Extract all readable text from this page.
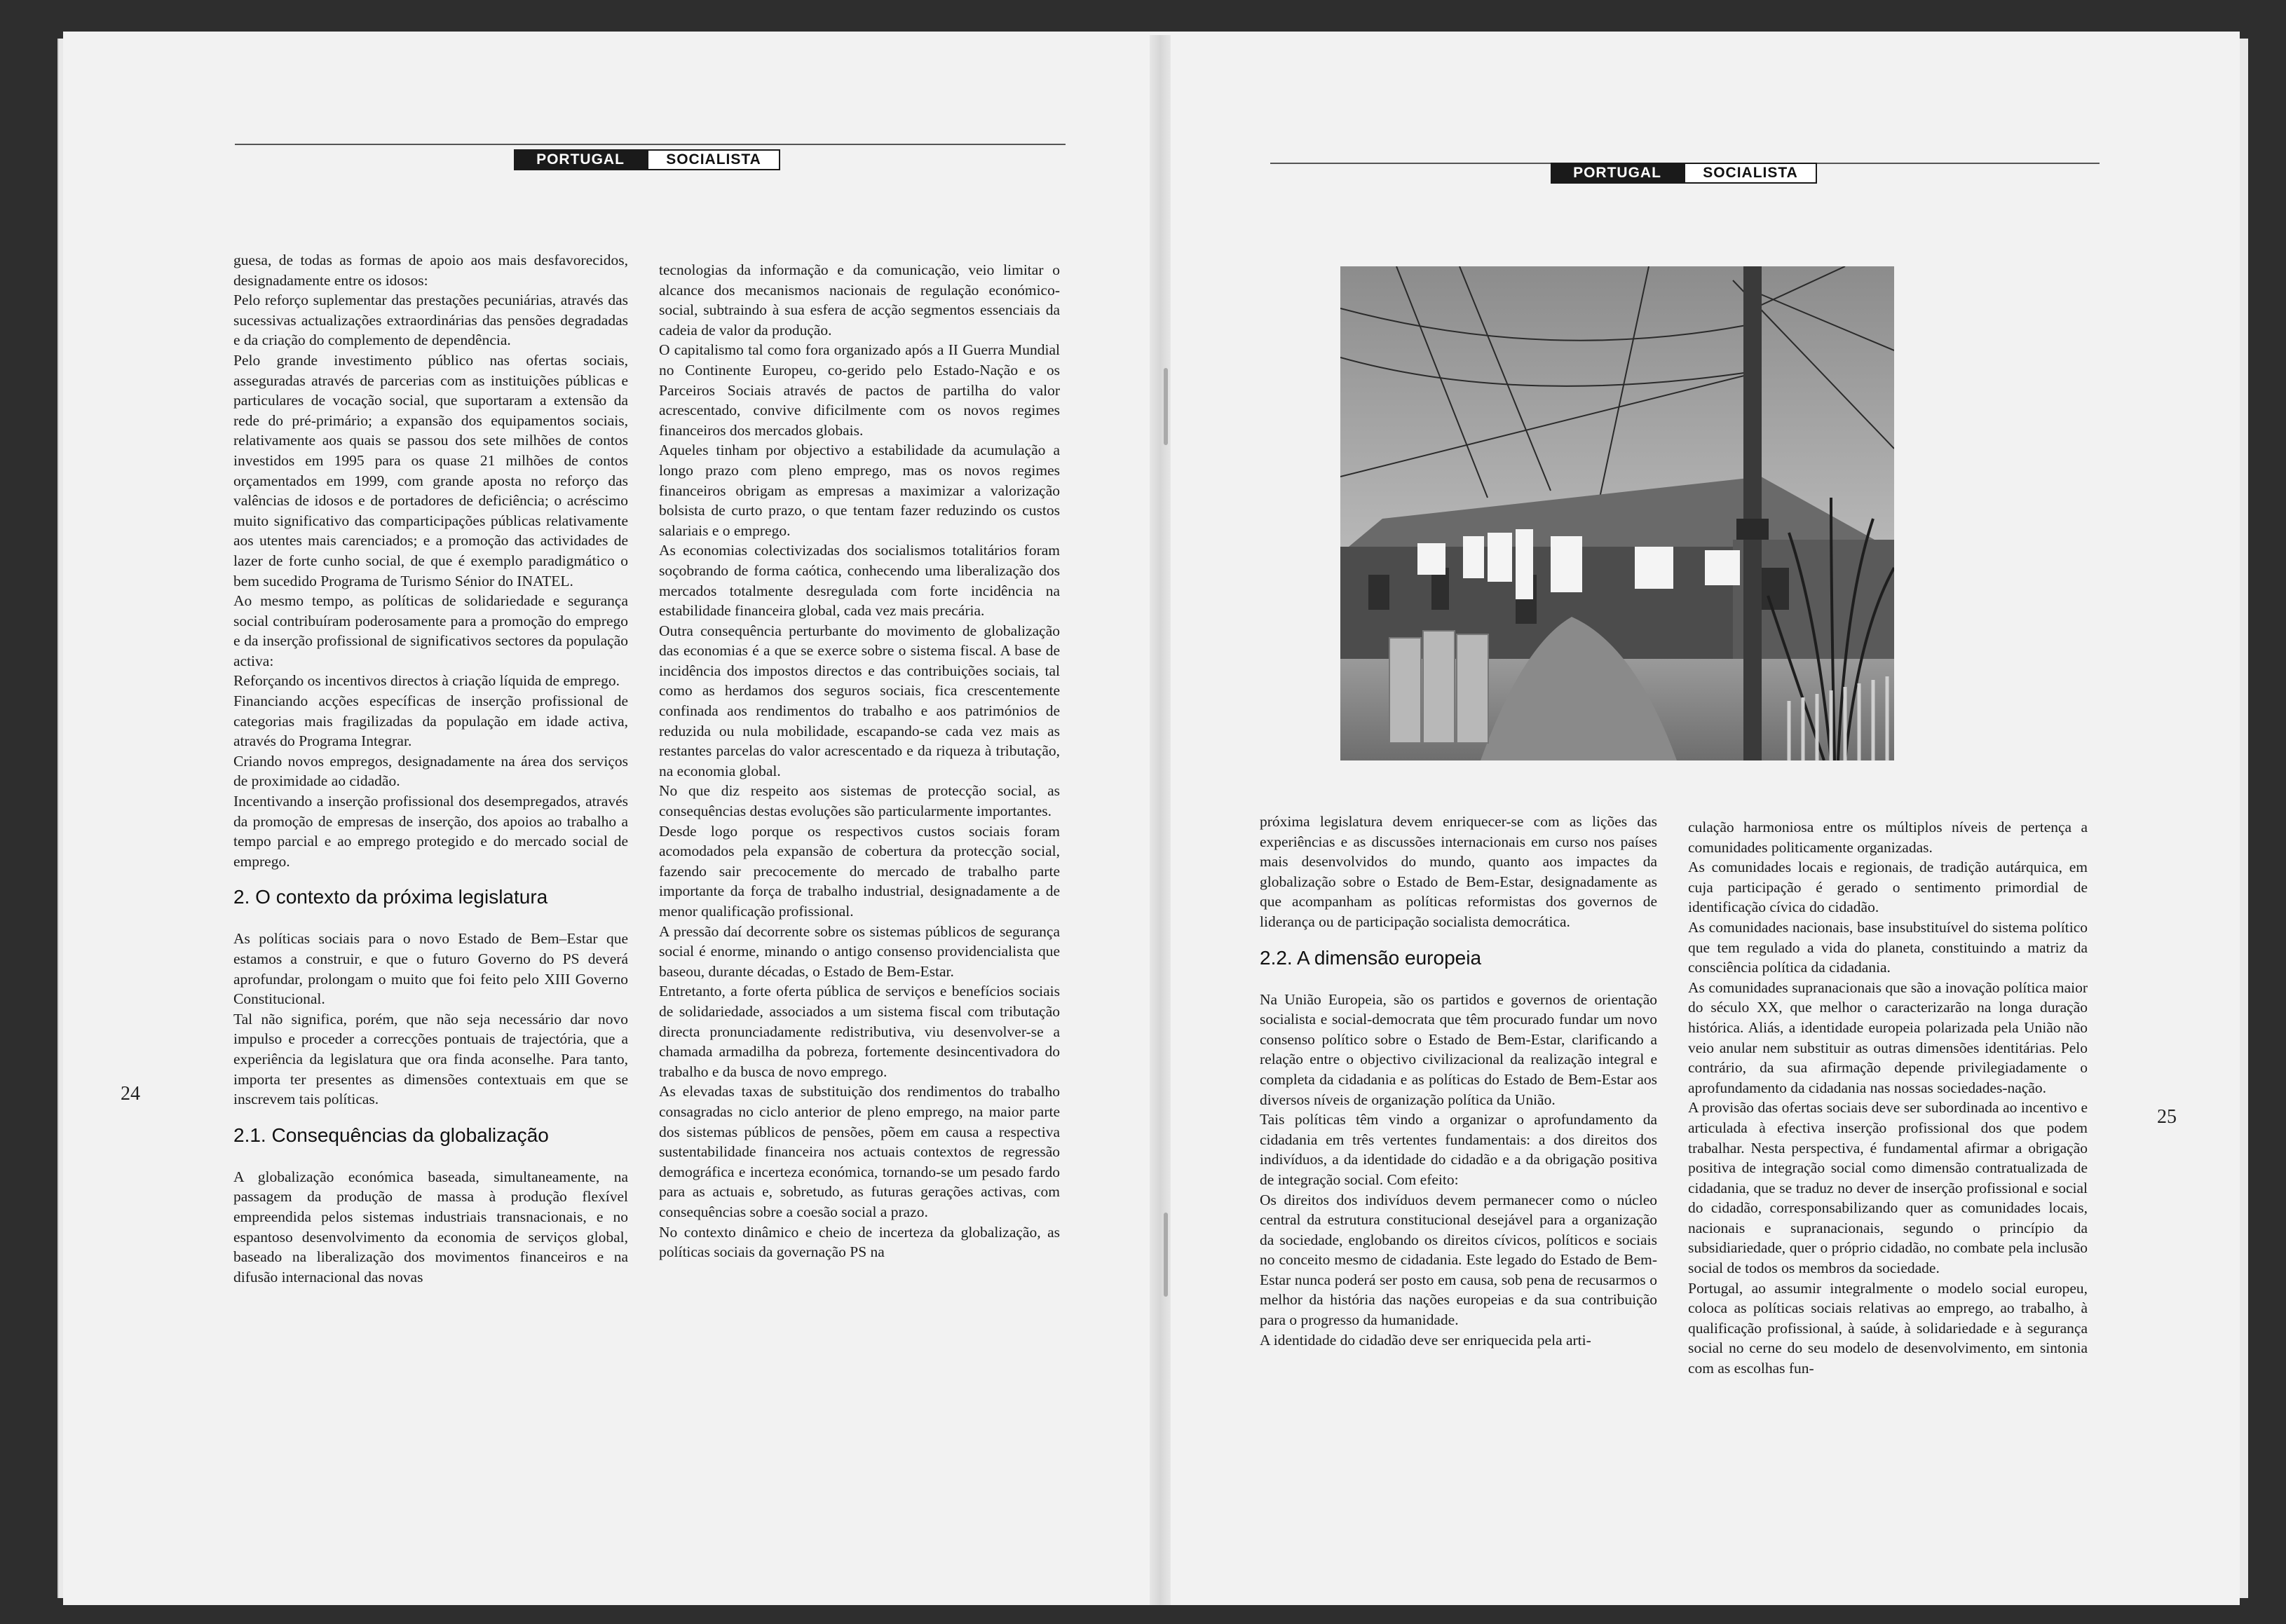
PORTUGAL	SOCIALISTA
PORTUGAL	SOCIALISTA
24
25

guesa, de todas as formas de apoio aos mais desfavorecidos, designadamente entre os idosos:

Pelo reforço suplementar das prestações pecuniárias, através das sucessivas actualizações extraordinárias das pensões degradadas e da criação do complemento de dependência.

Pelo grande investimento público nas ofertas sociais, asseguradas através de parcerias com as instituições públicas e particulares de vocação social, que suportaram a extensão da rede do pré-primário; a expansão dos equipamentos sociais, relativamente aos quais se passou dos sete milhões de contos investidos em 1995 para os quase 21 milhões de contos orçamentados em 1999, com grande aposta no reforço das valências de idosos e de portadores de deficiência; o acréscimo muito significativo das comparticipações públicas relativamente aos utentes mais carenciados; e a promoção das actividades de lazer de forte cunho social, de que é exemplo paradigmático o bem sucedido Programa de Turismo Sénior do INATEL.

Ao mesmo tempo, as políticas de solidariedade e segurança social contribuíram poderosamente para a promoção do emprego e da inserção profissional de significativos sectores da população activa:

Reforçando os incentivos directos à criação líquida de emprego.

Financiando acções específicas de inserção profissional de categorias mais fragilizadas da população em idade activa, através do Programa Integrar.

Criando novos empregos, designadamente na área dos serviços de proximidade ao cidadão.

Incentivando a inserção profissional dos desempregados, através da promoção de empresas de inserção, dos apoios ao trabalho a tempo parcial e ao emprego protegido e do mercado social de emprego.

2. O contexto da próxima legislatura

As políticas sociais para o novo Estado de Bem–Estar que estamos a construir, e que o futuro Governo do PS deverá aprofundar, prolongam o muito que foi feito pelo XIII Governo Constitucional.

Tal não significa, porém, que não seja necessário dar novo impulso e proceder a correcções pontuais de trajectória, que a experiência da legislatura que ora finda aconselhe. Para tanto, importa ter presentes as dimensões contextuais em que se inscrevem tais políticas.

2.1. Consequências da globalização

A globalização económica baseada, simultaneamente, na passagem da produção de massa à produção flexível empreendida pelos sistemas industriais transnacionais, e no espantoso desenvolvimento da economia de serviços global, baseado na liberalização dos movimentos financeiros e na difusão internacional das novas

tecnologias da informação e da comunicação, veio limitar o alcance dos mecanismos nacionais de regulação económico-social, subtraindo à sua esfera de acção segmentos essenciais da cadeia de valor da produção.

O capitalismo tal como fora organizado após a II Guerra Mundial no Continente Europeu, co-gerido pelo Estado-Nação e os Parceiros Sociais através de pactos de partilha do valor acrescentado, convive dificilmente com os novos regimes financeiros dos mercados globais.

Aqueles tinham por objectivo a estabilidade da acumulação a longo prazo com pleno emprego, mas os novos regimes financeiros obrigam as empresas a maximizar a valorização bolsista de curto prazo, o que tentam fazer reduzindo os custos salariais e o emprego.

As economias colectivizadas dos socialismos totalitários foram soçobrando de forma caótica, conhecendo uma liberalização dos mercados totalmente desregulada com forte incidência na estabilidade financeira global, cada vez mais precária.

Outra consequência perturbante do movimento de globalização das economias é a que se exerce sobre o sistema fiscal. A base de incidência dos impostos directos e das contribuições sociais, tal como as herdamos dos seguros sociais, fica crescentemente confinada aos rendimentos do trabalho e aos patrimónios de reduzida ou nula mobilidade, escapando-se cada vez mais as restantes parcelas do valor acrescentado e da riqueza à tributação, na economia global.

No que diz respeito aos sistemas de protecção social, as consequências destas evoluções são particularmente importantes.

Desde logo porque os respectivos custos sociais foram acomodados pela expansão de cobertura da protecção social, fazendo sair precocemente do mercado de trabalho parte importante da força de trabalho industrial, designadamente a de menor qualificação profissional.

A pressão daí decorrente sobre os sistemas públicos de segurança social é enorme, minando o antigo consenso providencialista que baseou, durante décadas, o Estado de Bem-Estar.

Entretanto, a forte oferta pública de serviços e benefícios sociais de solidariedade, associados a um sistema fiscal com tributação directa pronunciadamente redistributiva, viu desenvolver-se a chamada armadilha da pobreza, fortemente desincentivadora do trabalho e da busca de novo emprego.

As elevadas taxas de substituição dos rendimentos do trabalho consagradas no ciclo anterior de pleno emprego, na maior parte dos sistemas públicos de pensões, põem em causa a respectiva sustentabilidade financeira nos actuais contextos de regressão demográfica e incerteza económica, tornando-se um pesado fardo para as actuais e, sobretudo, as futuras gerações activas, com consequências sobre a coesão social a prazo.

No contexto dinâmico e cheio de incerteza da globalização, as políticas sociais da governação PS na

próxima legislatura devem enriquecer-se com as lições das experiências e as discussões internacionais em curso nos países mais desenvolvidos do mundo, quanto aos impactes da globalização sobre o Estado de Bem-Estar, designadamente as que acompanham as políticas reformistas dos governos de liderança ou de participação socialista democrática.

2.2. A dimensão europeia

Na União Europeia, são os partidos e governos de orientação socialista e social-democrata que têm procurado fundar um novo consenso político sobre o Estado de Bem-Estar, clarificando a relação entre o objectivo civilizacional da realização integral e completa da cidadania e as políticas do Estado de Bem-Estar aos diversos níveis de organização política da União.

Tais políticas têm vindo a organizar o aprofundamento da cidadania em três vertentes fundamentais: a dos direitos dos indivíduos, a da identidade do cidadão e a da obrigação positiva de integração social. Com efeito:

Os direitos dos indivíduos devem permanecer como o núcleo central da estrutura constitucional desejável para a organização da sociedade, englobando os direitos cívicos, políticos e sociais no conceito mesmo de cidadania. Este legado do Estado de Bem-Estar nunca poderá ser posto em causa, sob pena de recusarmos o melhor da história das nações europeias e da sua contribuição para o progresso da humanidade.

A identidade do cidadão deve ser enriquecida pela arti-

culação harmoniosa entre os múltiplos níveis de pertença a comunidades politicamente organizadas.

As comunidades locais e regionais, de tradição autárquica, em cuja participação é gerado o sentimento primordial de identificação cívica do cidadão.

As comunidades nacionais, base insubstituível do sistema político que tem regulado a vida do planeta, constituindo a matriz da consciência política da cidadania.

As comunidades supranacionais que são a inovação política maior do século XX, que melhor o caracterizarão na longa duração histórica. Aliás, a identidade europeia polarizada pela União não veio anular nem substituir as outras dimensões identitárias. Pelo contrário, da sua afirmação depende privilegiadamente o aprofundamento da cidadania nas nossas sociedades-nação.

A provisão das ofertas sociais deve ser subordinada ao incentivo e articulada à efectiva inserção profissional dos que podem trabalhar. Nesta perspectiva, é fundamental afirmar a obrigação positiva de integração social como dimensão contratualizada de cidadania, que se traduz no dever de inserção profissional e social do cidadão, corresponsabilizando quer as comunidades locais, nacionais e supranacionais, segundo o princípio da subsidiariedade, quer o próprio cidadão, no combate pela inclusão social de todos os membros da sociedade.

Portugal, ao assumir integralmente o modelo social europeu, coloca as políticas sociais relativas ao emprego, ao trabalho, à qualificação profissional, à saúde, à solidariedade e à segurança social no cerne do seu modelo de desenvolvimento, em sintonia com as escolhas fun-
